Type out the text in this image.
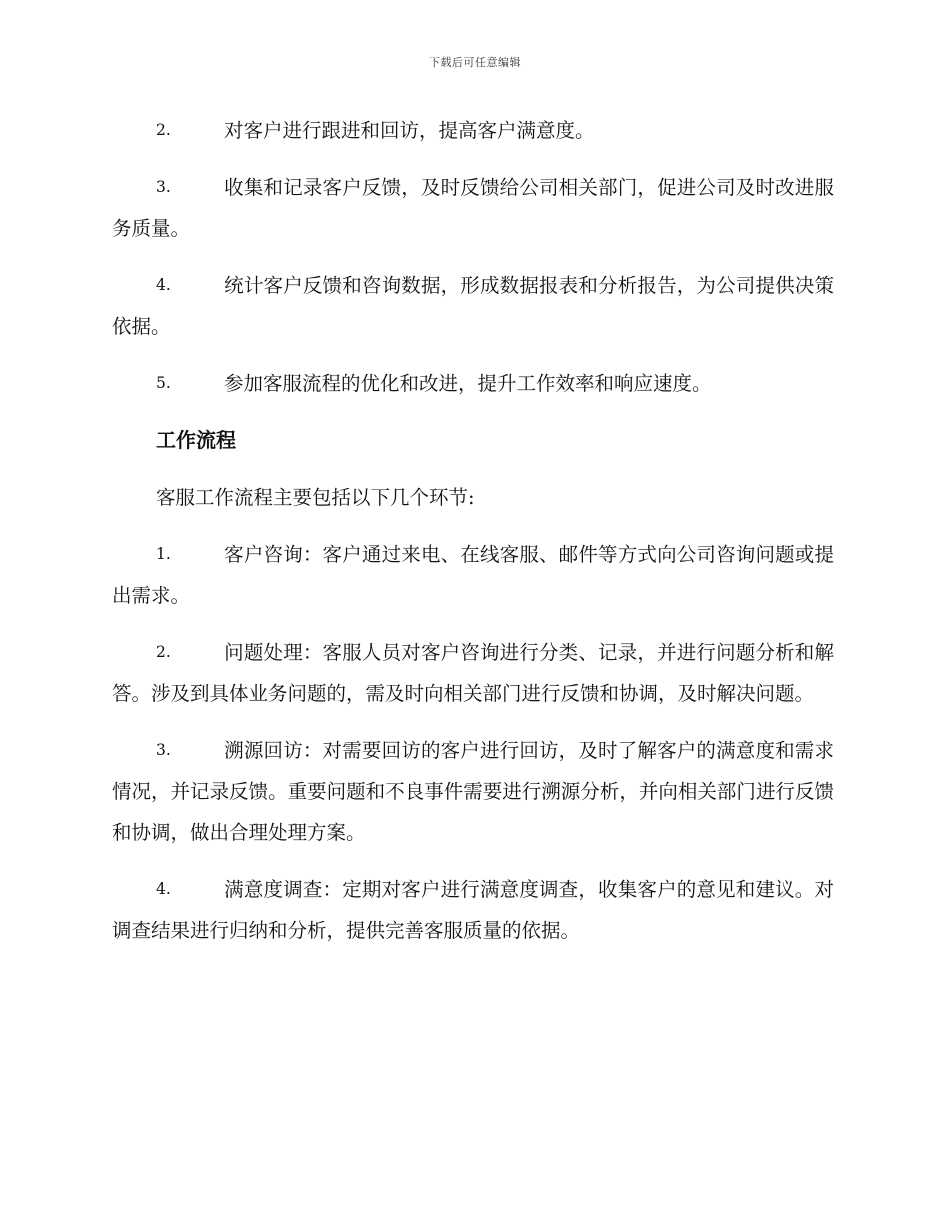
下载后可任意编辑

2.	对客户进行跟进和回访，提高客户满意度。

3.	收集和记录客户反馈，及时反馈给公司相关部门，促进公司及时改进服务质量。

4.	统计客户反馈和咨询数据，形成数据报表和分析报告，为公司提供决策依据。

5.	参加客服流程的优化和改进，提升工作效率和响应速度。

工作流程

客服工作流程主要包括以下几个环节:

1.	客户咨询：客户通过来电、在线客服、邮件等方式向公司咨询问题或提出需求。

2.	问题处理：客服人员对客户咨询进行分类、记录，并进行问题分析和解答。涉及到具体业务问题的，需及时向相关部门进行反馈和协调，及时解决问题。

3.	溯源回访：对需要回访的客户进行回访，及时了解客户的满意度和需求情况，并记录反馈。重要问题和不良事件需要进行溯源分析，并向相关部门进行反馈和协调，做出合理处理方案。

4.	满意度调查：定期对客户进行满意度调查，收集客户的意见和建议。对调查结果进行归纳和分析，提供完善客服质量的依据。
